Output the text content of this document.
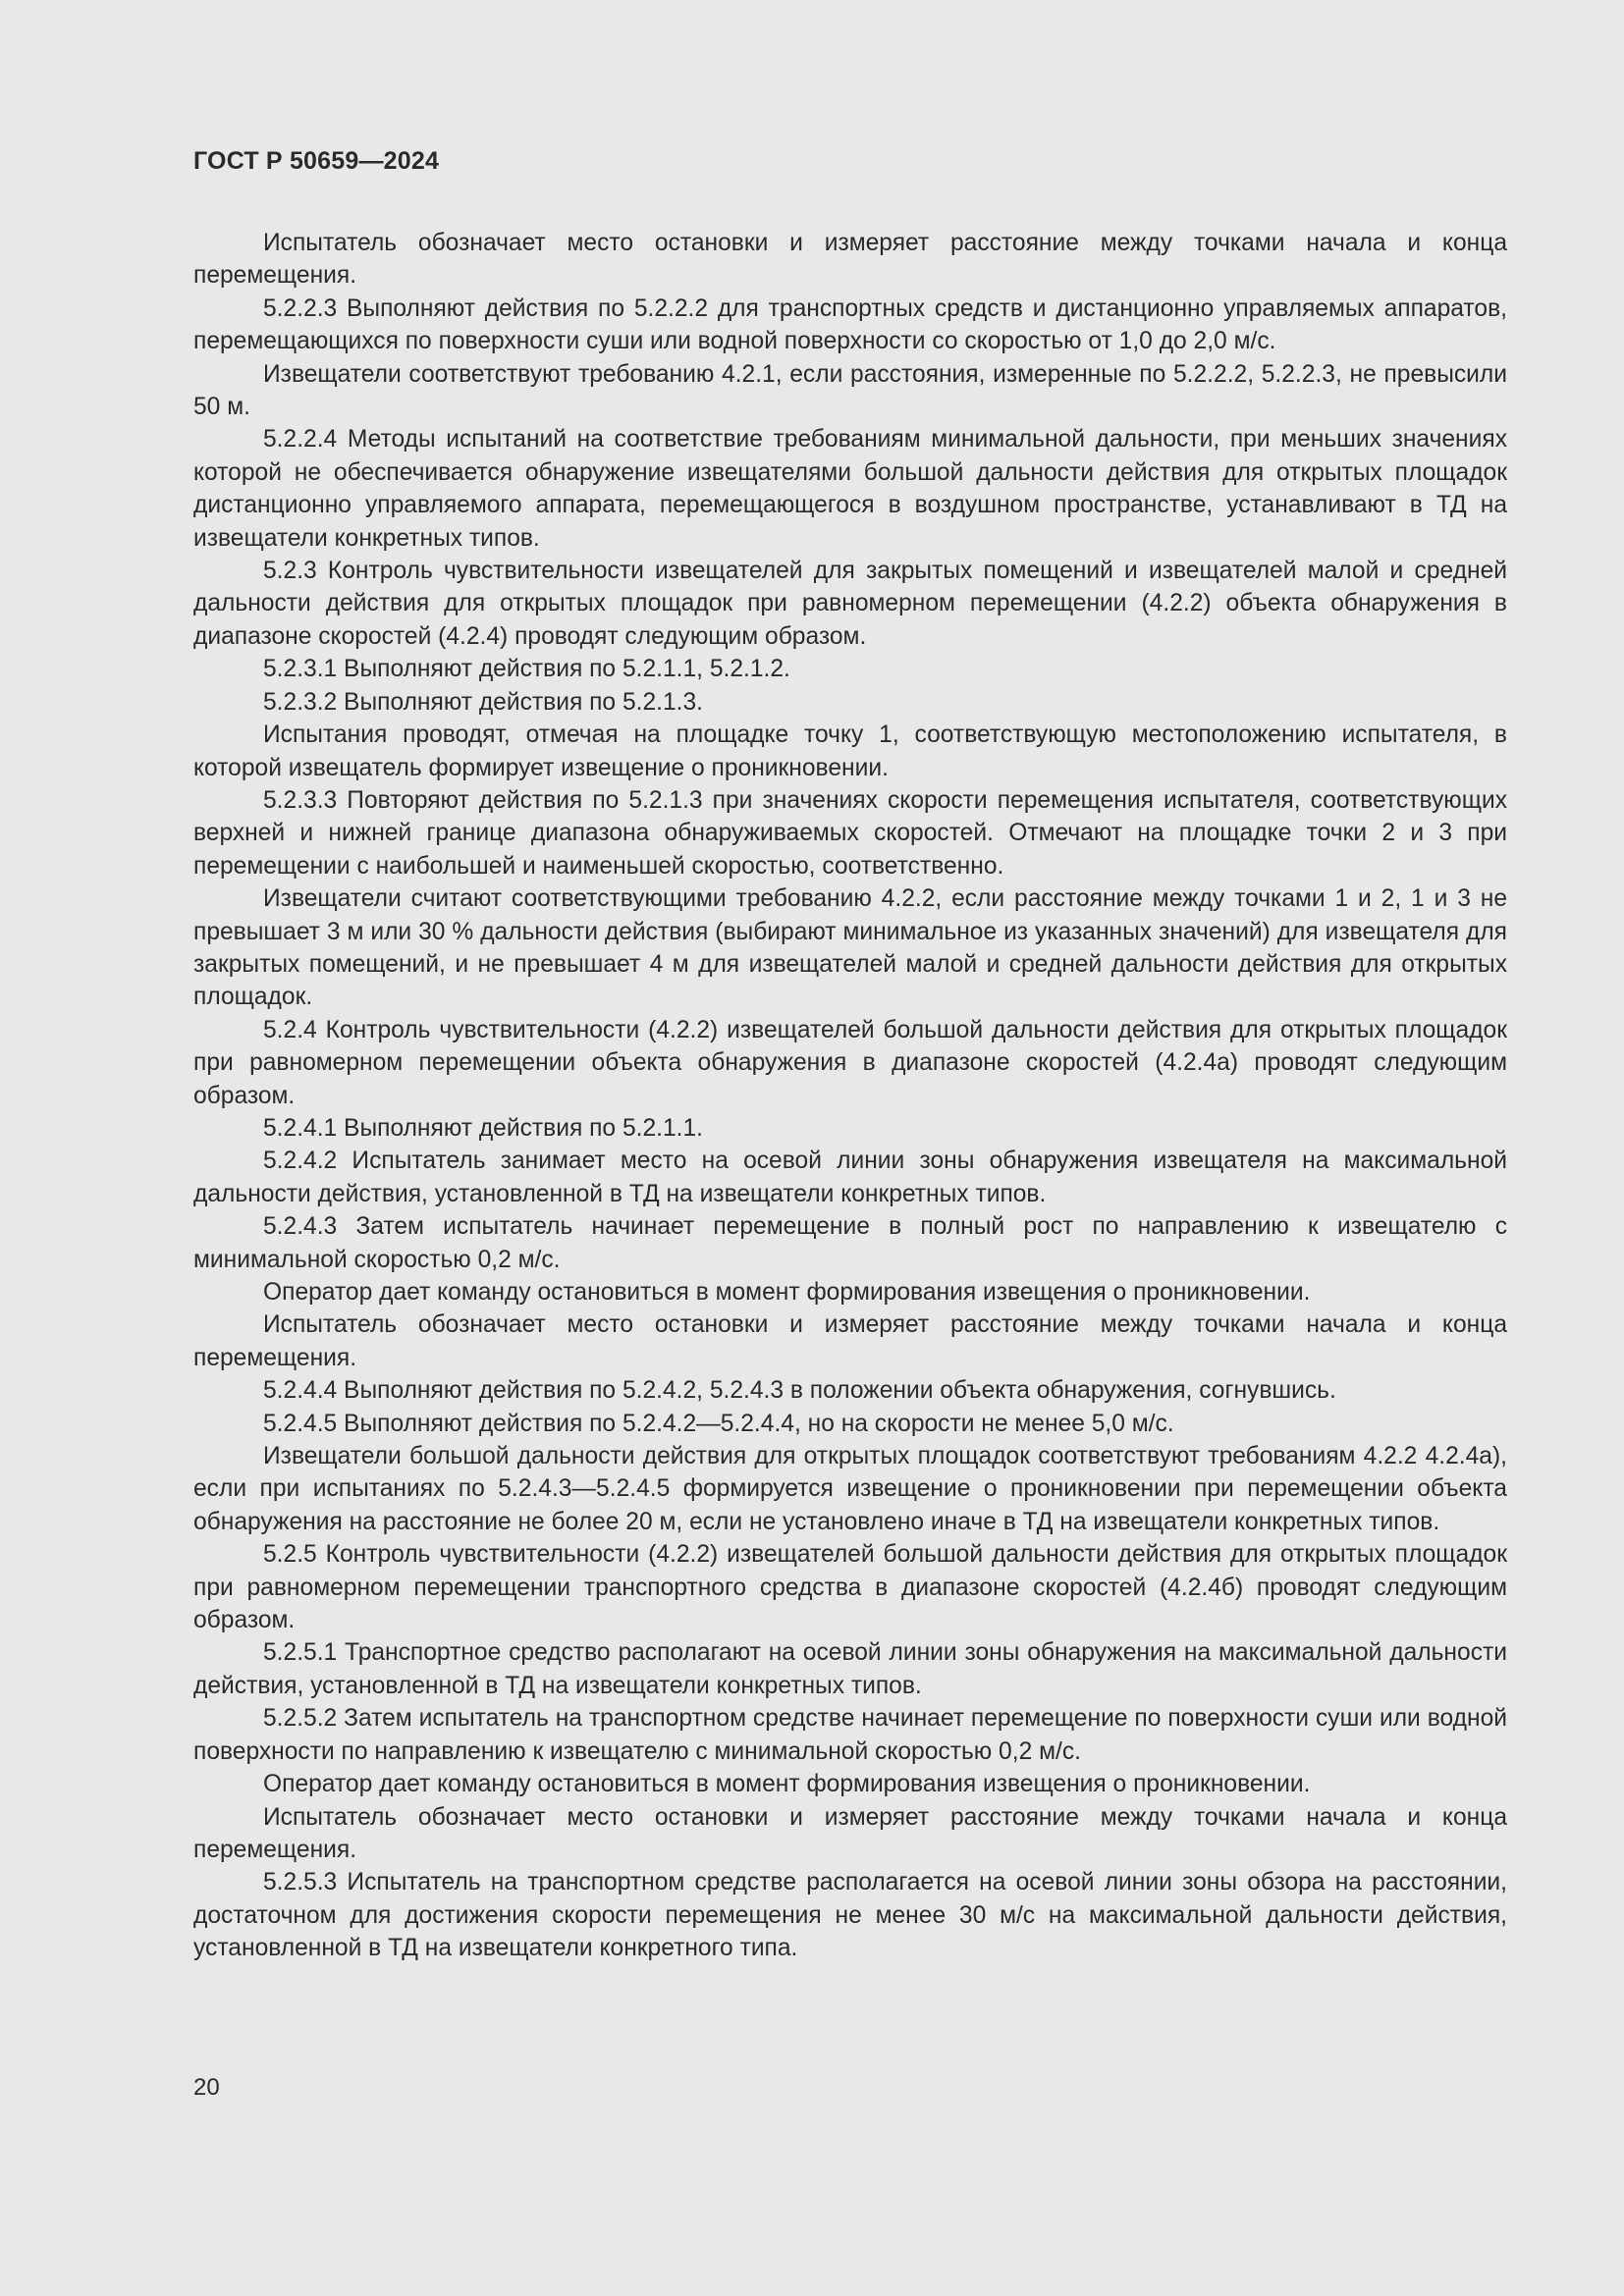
ГОСТ Р 50659—2024

Испытатель обозначает место остановки и измеряет расстояние между точками начала и конца перемещения.

5.2.2.3 Выполняют действия по 5.2.2.2 для транспортных средств и дистанционно управляемых аппаратов, перемещающихся по поверхности суши или водной поверхности со скоростью от 1,0 до 2,0 м/с.

Извещатели соответствуют требованию 4.2.1, если расстояния, измеренные по 5.2.2.2, 5.2.2.3, не превысили 50 м.

5.2.2.4 Методы испытаний на соответствие требованиям минимальной дальности, при меньших значениях которой не обеспечивается обнаружение извещателями большой дальности действия для открытых площадок дистанционно управляемого аппарата, перемещающегося в воздушном пространстве, устанавливают в ТД на извещатели конкретных типов.

5.2.3 Контроль чувствительности извещателей для закрытых помещений и извещателей малой и средней дальности действия для открытых площадок при равномерном перемещении (4.2.2) объекта обнаружения в диапазоне скоростей (4.2.4) проводят следующим образом.

5.2.3.1 Выполняют действия по 5.2.1.1, 5.2.1.2.

5.2.3.2 Выполняют действия по 5.2.1.3.

Испытания проводят, отмечая на площадке точку 1, соответствующую местоположению испытателя, в которой извещатель формирует извещение о проникновении.

5.2.3.3 Повторяют действия по 5.2.1.3 при значениях скорости перемещения испытателя, соответствующих верхней и нижней границе диапазона обнаруживаемых скоростей. Отмечают на площадке точки 2 и 3 при перемещении с наибольшей и наименьшей скоростью, соответственно.

Извещатели считают соответствующими требованию 4.2.2, если расстояние между точками 1 и 2, 1 и 3 не превышает 3 м или 30 % дальности действия (выбирают минимальное из указанных значений) для извещателя для закрытых помещений, и не превышает 4 м для извещателей малой и средней дальности действия для открытых площадок.

5.2.4 Контроль чувствительности (4.2.2) извещателей большой дальности действия для открытых площадок при равномерном перемещении объекта обнаружения в диапазоне скоростей (4.2.4а) проводят следующим образом.

5.2.4.1 Выполняют действия по 5.2.1.1.

5.2.4.2 Испытатель занимает место на осевой линии зоны обнаружения извещателя на максимальной дальности действия, установленной в ТД на извещатели конкретных типов.

5.2.4.3 Затем испытатель начинает перемещение в полный рост по направлению к извещателю с минимальной скоростью 0,2 м/с.

Оператор дает команду остановиться в момент формирования извещения о проникновении.

Испытатель обозначает место остановки и измеряет расстояние между точками начала и конца перемещения.

5.2.4.4 Выполняют действия по 5.2.4.2, 5.2.4.3 в положении объекта обнаружения, согнувшись.

5.2.4.5 Выполняют действия по 5.2.4.2—5.2.4.4, но на скорости не менее 5,0 м/с.

Извещатели большой дальности действия для открытых площадок соответствуют требованиям 4.2.2 4.2.4а), если при испытаниях по 5.2.4.3—5.2.4.5 формируется извещение о проникновении при перемещении объекта обнаружения на расстояние не более 20 м, если не установлено иначе в ТД на извещатели конкретных типов.

5.2.5 Контроль чувствительности (4.2.2) извещателей большой дальности действия для открытых площадок при равномерном перемещении транспортного средства в диапазоне скоростей (4.2.4б) проводят следующим образом.

5.2.5.1 Транспортное средство располагают на осевой линии зоны обнаружения на максимальной дальности действия, установленной в ТД на извещатели конкретных типов.

5.2.5.2 Затем испытатель на транспортном средстве начинает перемещение по поверхности суши или водной поверхности по направлению к извещателю с минимальной скоростью 0,2 м/с.

Оператор дает команду остановиться в момент формирования извещения о проникновении.

Испытатель обозначает место остановки и измеряет расстояние между точками начала и конца перемещения.

5.2.5.3 Испытатель на транспортном средстве располагается на осевой линии зоны обзора на расстоянии, достаточном для достижения скорости перемещения не менее 30 м/с на максимальной дальности действия, установленной в ТД на извещатели конкретного типа.

20
